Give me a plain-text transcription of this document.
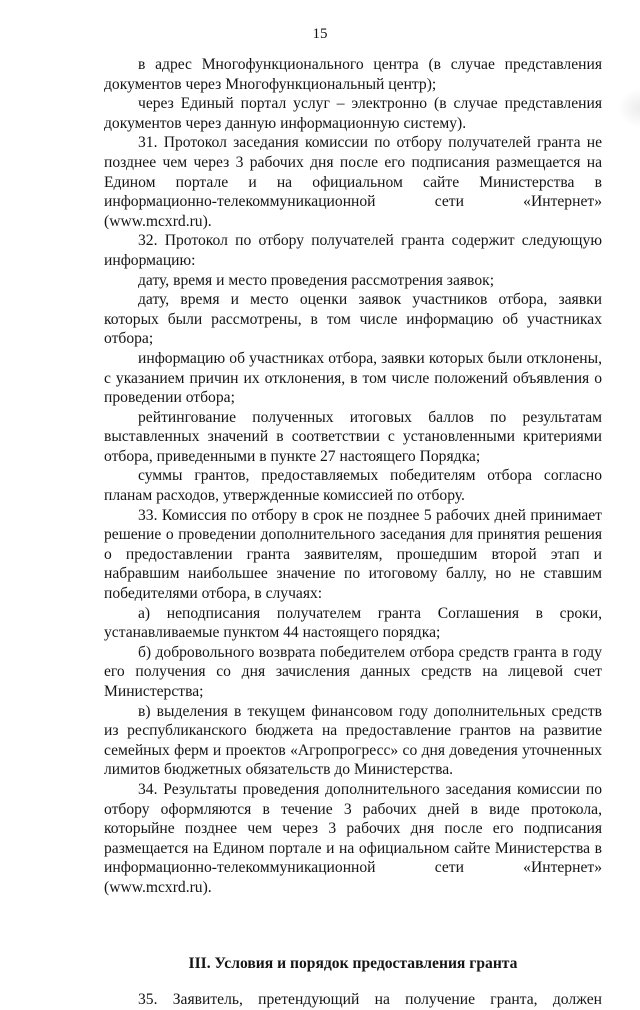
15

в адрес Многофункционального центра (в случае представления документов через Многофункциональный центр);

через Единый портал услуг – электронно (в случае представления документов через данную информационную систему).

31. Протокол заседания комиссии по отбору получателей гранта не позднее чем через 3 рабочих дня после его подписания размещается на Едином портале и на официальном сайте Министерства в информационно-телекоммуникационной сети «Интернет» (www.mcxrd.ru).

32. Протокол по отбору получателей гранта содержит следующую информацию:

дату, время и место проведения рассмотрения заявок;

дату, время и место оценки заявок участников отбора, заявки которых были рассмотрены, в том числе информацию об участниках отбора;

информацию об участниках отбора, заявки которых были отклонены, с указанием причин их отклонения, в том числе положений объявления о проведении отбора;

рейтингование полученных итоговых баллов по результатам выставленных значений в соответствии с установленными критериями отбора, приведенными в пункте 27 настоящего Порядка;

суммы грантов, предоставляемых победителям отбора согласно планам расходов, утвержденные комиссией по отбору.

33. Комиссия по отбору в срок не позднее 5 рабочих дней принимает решение о проведении дополнительного заседания для принятия решения о предоставлении гранта заявителям, прошедшим второй этап и набравшим наибольшее значение по итоговому баллу, но не ставшим победителями отбора, в случаях:

а) неподписания получателем гранта Соглашения в сроки, устанавливаемые пунктом 44 настоящего порядка;

б) добровольного возврата победителем отбора средств гранта в году его получения со дня зачисления данных средств на лицевой счет Министерства;

в) выделения в текущем финансовом году дополнительных средств из республиканского бюджета на предоставление грантов на развитие семейных ферм и проектов «Агропрогресс» со дня доведения уточненных лимитов бюджетных обязательств до Министерства.

34. Результаты проведения дополнительного заседания комиссии по отбору оформляются в течение 3 рабочих дней в виде протокола, которыйне позднее чем через 3 рабочих дня после его подписания размещается на Едином портале и на официальном сайте Министерства в информационно-телекоммуникационной сети «Интернет» (www.mcxrd.ru).

III. Условия и порядок предоставления гранта

35. Заявитель, претендующий на получение гранта, должен
